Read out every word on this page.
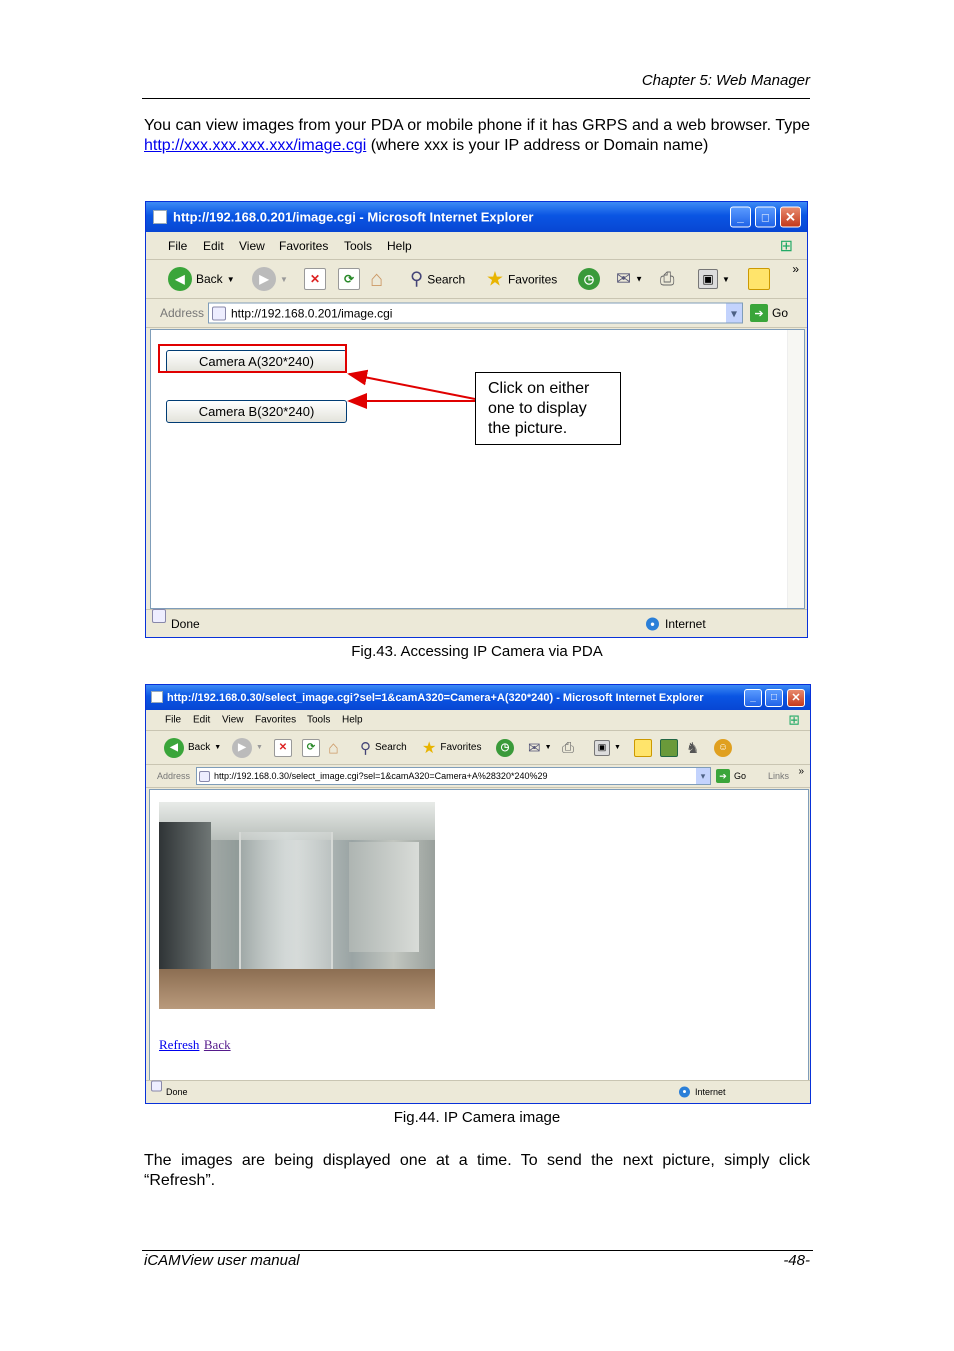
Chapter 5: Web Manager
You can view images from your PDA or mobile phone if it has GRPS and a web browser. Type http://xxx.xxx.xxx.xxx/image.cgi (where xxx is your IP address or Domain name)
http://192.168.0.201/image.cgi - Microsoft Internet Explorer	_	□	✕
File Edit View Favorites Tools Help	⊞
◀ Back ▼	▶	▼	✕	⟳ ⌂ ⚲ Search ★ Favorites	◷	✉ ▼ ⎙	▣	▼
»
Address http://192.168.0.201/image.cgi	▾	➔ Go
Camera A(320*240)
Camera B(320*240)
Done	● Internet
Click on either one to display the picture.
Fig.43. Accessing IP Camera via PDA
http://192.168.0.30/select_image.cgi?sel=1&camA320=Camera+A(320*240) - Microsoft Internet Explorer	_	□	✕
File Edit View Favorites Tools Help	⊞
◀	Back ▼	▶	▼	✕	⟳ ⌂ ⚲ Search ★ Favorites	◷	✉ ▼ ⎙	▣	▼	♞	☺
Address	http://192.168.0.30/select_image.cgi?sel=1&camA320=Camera+A%28320*240%29	▾	➔ Go Links »
Refresh Back
Done	● Internet
Fig.44. IP Camera image
The images are being displayed one at a time. To send the next picture, simply click “Refresh”.
iCAMView user manual	-48-
